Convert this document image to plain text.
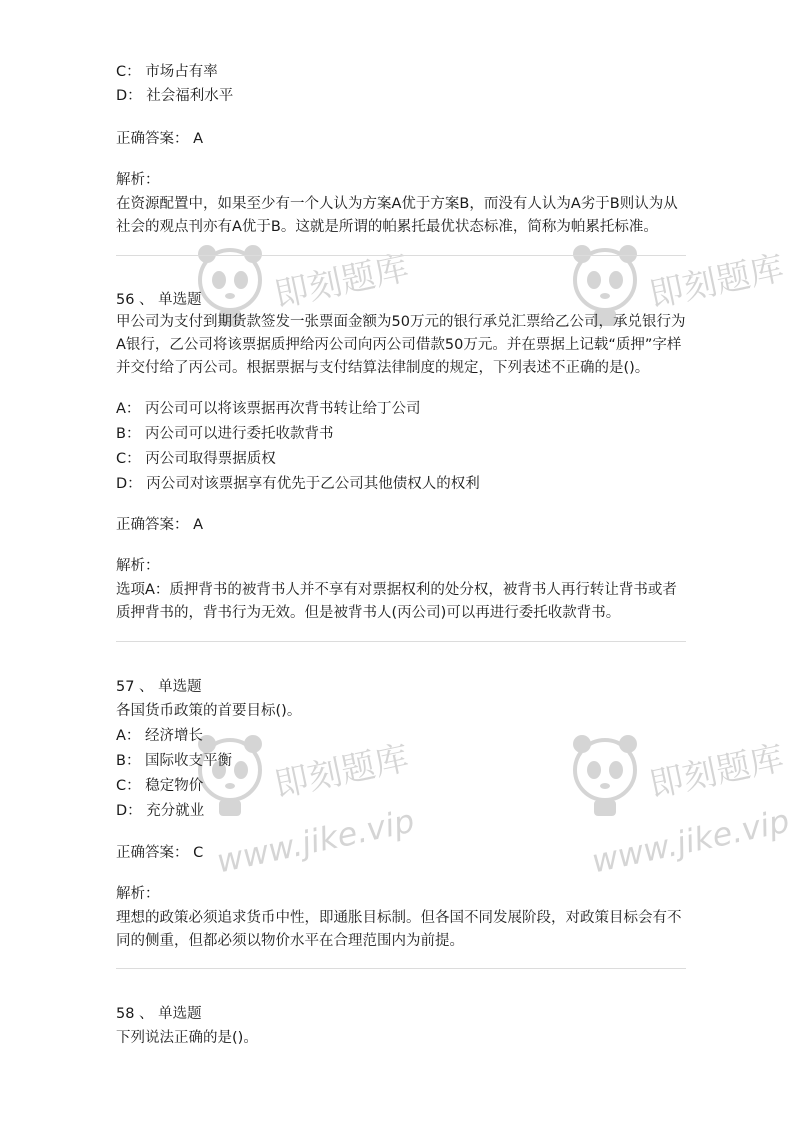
即刻题库	即刻题库
即刻题库
www.jike.vip
即刻题库
www.jike.vip
C： 市场占有率
D： 社会福利水平
正确答案： A
解析：
在资源配置中，如果至少有一个人认为方案A优于方案B，而没有人认为A劣于B则认为从社会的观点刊亦有A优于B。这就是所谓的帕累托最优状态标准，简称为帕累托标准。
56 、 单选题
甲公司为支付到期货款签发一张票面金额为50万元的银行承兑汇票给乙公司，承兑银行为A银行，乙公司将该票据质押给丙公司向丙公司借款50万元。并在票据上记载“质押”字样并交付给了丙公司。根据票据与支付结算法律制度的规定，下列表述不正确的是()。
A： 丙公司可以将该票据再次背书转让给丁公司
B： 丙公司可以进行委托收款背书
C： 丙公司取得票据质权
D： 丙公司对该票据享有优先于乙公司其他债权人的权利
正确答案： A
解析：
选项A：质押背书的被背书人并不享有对票据权利的处分权，被背书人再行转让背书或者质押背书的，背书行为无效。但是被背书人(丙公司)可以再进行委托收款背书。
57 、 单选题
各国货币政策的首要目标()。
A： 经济增长
B： 国际收支平衡
C： 稳定物价
D： 充分就业
正确答案： C
解析：
理想的政策必须追求货币中性，即通胀目标制。但各国不同发展阶段，对政策目标会有不同的侧重，但都必须以物价水平在合理范围内为前提。
58 、 单选题
下列说法正确的是()。
